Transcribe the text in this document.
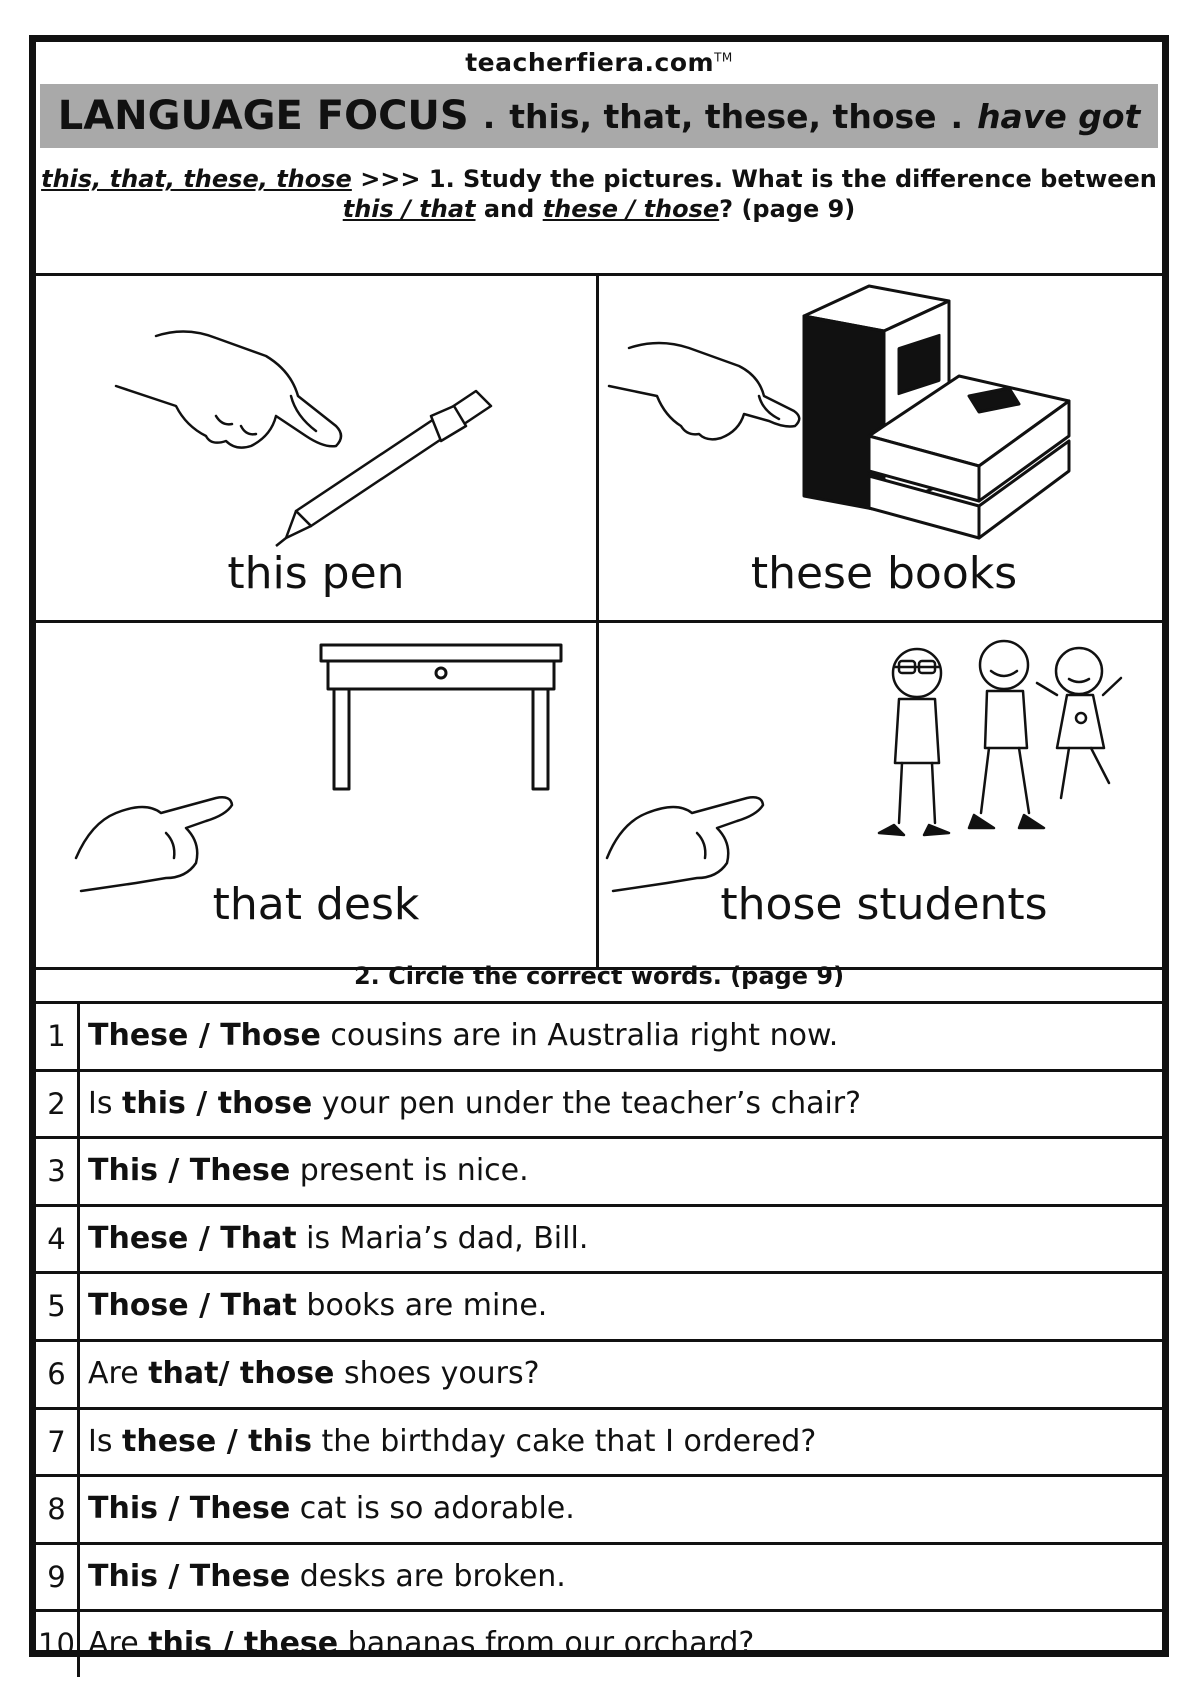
teacherfiera.com™
LANGUAGE FOCUS . this, that, these, those . have got
this, that, these, those >>> 1. Study the pictures. What is the difference between
this / that and these / those? (page 9)
this pen	these books
that desk	those students
2. Circle the correct words. (page 9)
1 These / Those cousins are in Australia right now.
2 Is this / those your pen under the teacher’s chair?
3 This / These present is nice.
4 These / That is Maria’s dad, Bill.
5 Those / That books are mine.
6 Are that/ those shoes yours?
7 Is these / this the birthday cake that I ordered?
8 This / These cat is so adorable.
9 This / These desks are broken.
10 Are this / these bananas from our orchard?
